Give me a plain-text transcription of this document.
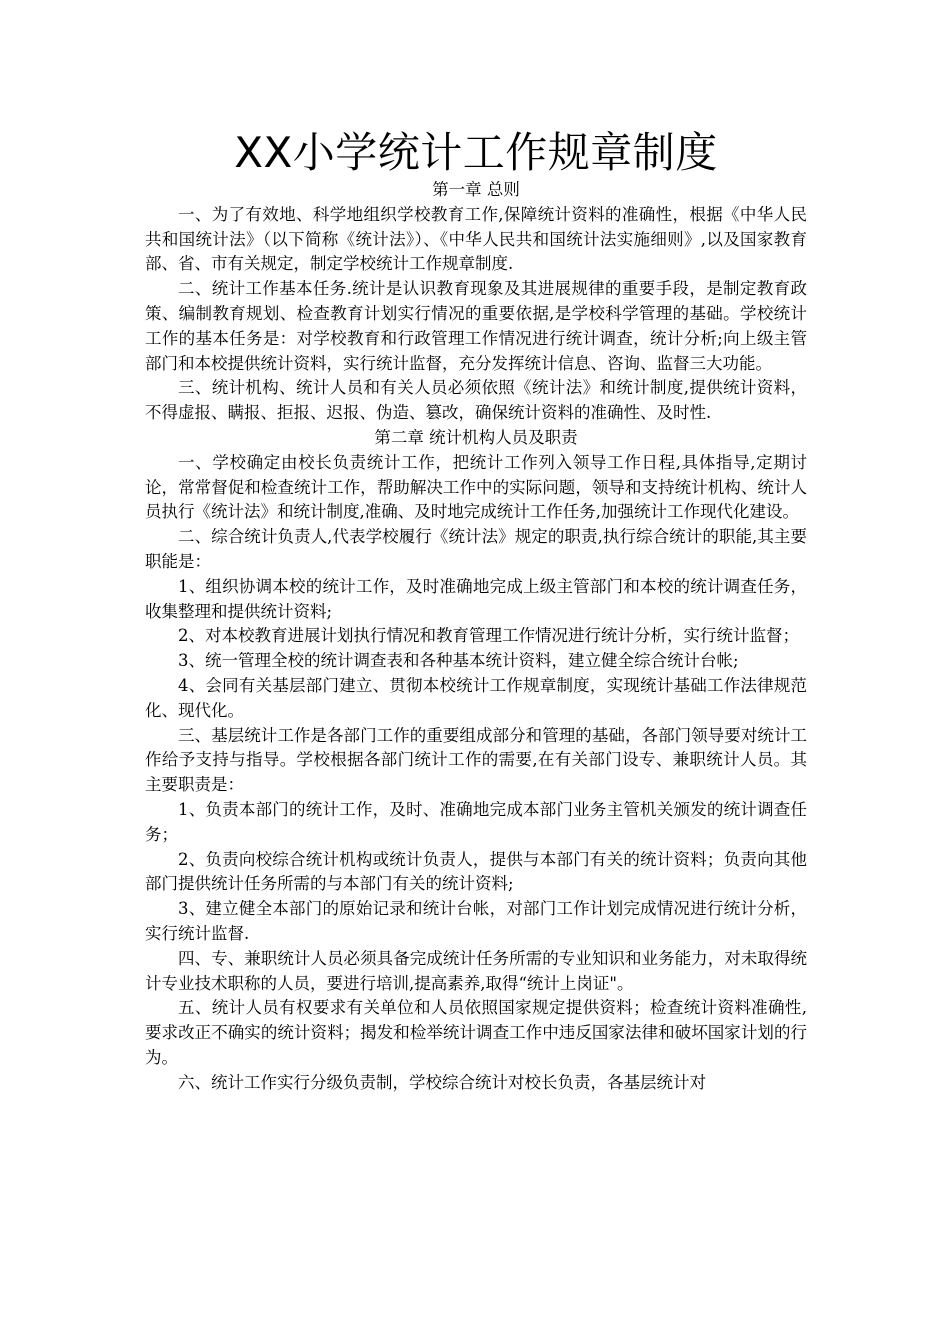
XX小学统计工作规章制度

第一章 总则

一、为了有效地、科学地组织学校教育工作,保障统计资料的准确性，根据《中华人民共和国统计法》（以下简称《统计法》）、《中华人民共和国统计法实施细则》,以及国家教育部、省、市有关规定，制定学校统计工作规章制度.

二、统计工作基本任务.统计是认识教育现象及其进展规律的重要手段，是制定教育政策、编制教育规划、检查教育计划实行情况的重要依据,是学校科学管理的基础。学校统计工作的基本任务是：对学校教育和行政管理工作情况进行统计调查，统计分析;向上级主管部门和本校提供统计资料，实行统计监督，充分发挥统计信息、咨询、监督三大功能。

三、统计机构、统计人员和有关人员必须依照《统计法》和统计制度,提供统计资料，不得虚报、瞒报、拒报、迟报、伪造、篡改，确保统计资料的准确性、及时性.

第二章 统计机构人员及职责

一、学校确定由校长负责统计工作，把统计工作列入领导工作日程,具体指导,定期讨论，常常督促和检查统计工作，帮助解决工作中的实际问题，领导和支持统计机构、统计人员执行《统计法》和统计制度,准确、及时地完成统计工作任务,加强统计工作现代化建设。

二、综合统计负责人,代表学校履行《统计法》规定的职责,执行综合统计的职能,其主要职能是：

1、组织协调本校的统计工作，及时准确地完成上级主管部门和本校的统计调查任务，收集整理和提供统计资料;

2、对本校教育进展计划执行情况和教育管理工作情况进行统计分析，实行统计监督；

3、统一管理全校的统计调查表和各种基本统计资料，建立健全综合统计台帐;

4、会同有关基层部门建立、贯彻本校统计工作规章制度，实现统计基础工作法律规范化、现代化。

三、基层统计工作是各部门工作的重要组成部分和管理的基础，各部门领导要对统计工作给予支持与指导。学校根据各部门统计工作的需要,在有关部门设专、兼职统计人员。其主要职责是：

1、负责本部门的统计工作，及时、准确地完成本部门业务主管机关颁发的统计调查任务；

2、负责向校综合统计机构或统计负责人，提供与本部门有关的统计资料；负责向其他部门提供统计任务所需的与本部门有关的统计资料;

3、建立健全本部门的原始记录和统计台帐，对部门工作计划完成情况进行统计分析，实行统计监督.

四、专、兼职统计人员必须具备完成统计任务所需的专业知识和业务能力，对未取得统计专业技术职称的人员，要进行培训,提高素养,取得“统计上岗证"。

五、统计人员有权要求有关单位和人员依照国家规定提供资料；检查统计资料准确性,要求改正不确实的统计资料；揭发和检举统计调查工作中违反国家法律和破坏国家计划的行为。

六、统计工作实行分级负责制，学校综合统计对校长负责，各基层统计对
